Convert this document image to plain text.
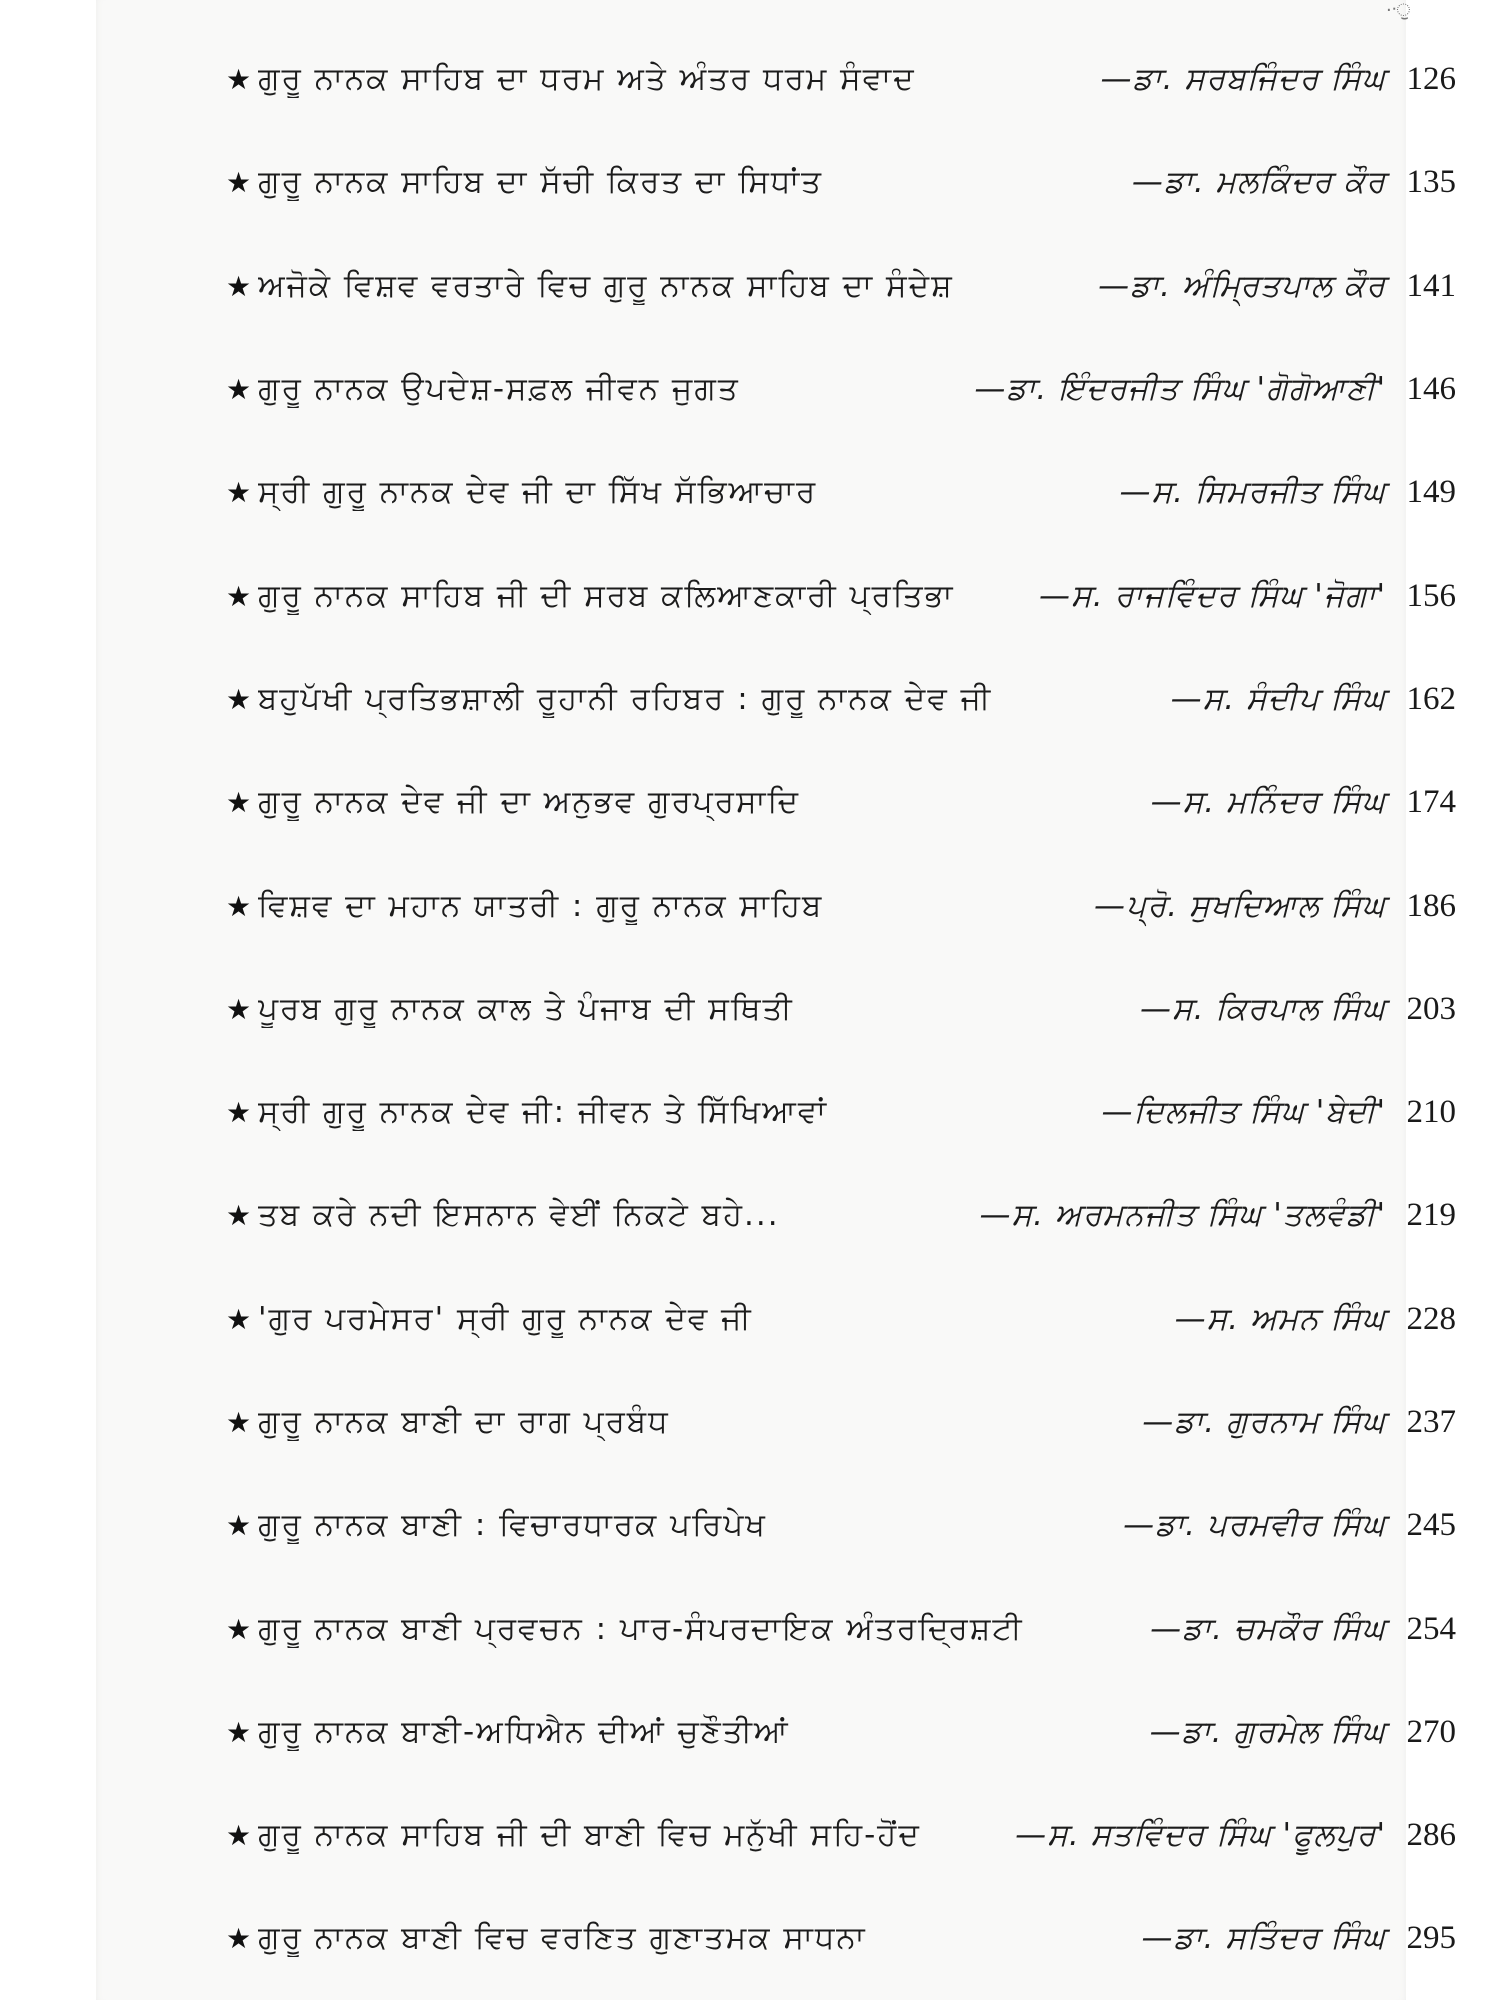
··ੁ
★ ਗੁਰੂ ਨਾਨਕ ਸਾਹਿਬ ਦਾ ਧਰਮ ਅਤੇ ਅੰਤਰ ਧਰਮ ਸੰਵਾਦ	—ਡਾ. ਸਰਬਜਿੰਦਰ ਸਿੰਘ 126
★ ਗੁਰੂ ਨਾਨਕ ਸਾਹਿਬ ਦਾ ਸੱਚੀ ਕਿਰਤ ਦਾ ਸਿਧਾਂਤ	—ਡਾ. ਮਲਕਿੰਦਰ ਕੌਰ 135
★ ਅਜੋਕੇ ਵਿਸ਼ਵ ਵਰਤਾਰੇ ਵਿਚ ਗੁਰੂ ਨਾਨਕ ਸਾਹਿਬ ਦਾ ਸੰਦੇਸ਼	—ਡਾ. ਅੰਮ੍ਰਿਤਪਾਲ ਕੌਰ 141
★ ਗੁਰੂ ਨਾਨਕ ਉਪਦੇਸ਼-ਸਫ਼ਲ ਜੀਵਨ ਜੁਗਤ	—ਡਾ. ਇੰਦਰਜੀਤ ਸਿੰਘ 'ਗੋਗੋਆਣੀ' 146
★ ਸ੍ਰੀ ਗੁਰੂ ਨਾਨਕ ਦੇਵ ਜੀ ਦਾ ਸਿੱਖ ਸੱਭਿਆਚਾਰ	—ਸ. ਸਿਮਰਜੀਤ ਸਿੰਘ 149
★ ਗੁਰੂ ਨਾਨਕ ਸਾਹਿਬ ਜੀ ਦੀ ਸਰਬ ਕਲਿਆਣਕਾਰੀ ਪ੍ਰਤਿਭਾ	—ਸ. ਰਾਜਵਿੰਦਰ ਸਿੰਘ 'ਜੋਗਾ' 156
★ ਬਹੁਪੱਖੀ ਪ੍ਰਤਿਭਸ਼ਾਲੀ ਰੂਹਾਨੀ ਰਹਿਬਰ : ਗੁਰੂ ਨਾਨਕ ਦੇਵ ਜੀ	—ਸ. ਸੰਦੀਪ ਸਿੰਘ 162
★ ਗੁਰੂ ਨਾਨਕ ਦੇਵ ਜੀ ਦਾ ਅਨੁਭਵ ਗੁਰਪ੍ਰਸਾਦਿ	—ਸ. ਮਨਿੰਦਰ ਸਿੰਘ 174
★ ਵਿਸ਼ਵ ਦਾ ਮਹਾਨ ਯਾਤਰੀ : ਗੁਰੂ ਨਾਨਕ ਸਾਹਿਬ	—ਪ੍ਰੋ. ਸੁਖਦਿਆਲ ਸਿੰਘ 186
★ ਪੂਰਬ ਗੁਰੂ ਨਾਨਕ ਕਾਲ ਤੇ ਪੰਜਾਬ ਦੀ ਸਥਿਤੀ	—ਸ. ਕਿਰਪਾਲ ਸਿੰਘ 203
★ ਸ੍ਰੀ ਗੁਰੂ ਨਾਨਕ ਦੇਵ ਜੀ: ਜੀਵਨ ਤੇ ਸਿੱਖਿਆਵਾਂ	—ਦਿਲਜੀਤ ਸਿੰਘ 'ਬੇਦੀ' 210
★ ਤਬ ਕਰੇ ਨਦੀ ਇਸਨਾਨ ਵੇਈਂ ਨਿਕਟੇ ਬਹੇ...	—ਸ. ਅਰਮਨਜੀਤ ਸਿੰਘ 'ਤਲਵੰਡੀ' 219
★ 'ਗੁਰ ਪਰਮੇਸਰ' ਸ੍ਰੀ ਗੁਰੂ ਨਾਨਕ ਦੇਵ ਜੀ	—ਸ. ਅਮਨ ਸਿੰਘ 228
★ ਗੁਰੂ ਨਾਨਕ ਬਾਣੀ ਦਾ ਰਾਗ ਪ੍ਰਬੰਧ	—ਡਾ. ਗੁਰਨਾਮ ਸਿੰਘ 237
★ ਗੁਰੂ ਨਾਨਕ ਬਾਣੀ : ਵਿਚਾਰਧਾਰਕ ਪਰਿਪੇਖ	—ਡਾ. ਪਰਮਵੀਰ ਸਿੰਘ 245
★ ਗੁਰੂ ਨਾਨਕ ਬਾਣੀ ਪ੍ਰਵਚਨ : ਪਾਰ-ਸੰਪਰਦਾਇਕ ਅੰਤਰਦ੍ਰਿਸ਼ਟੀ	—ਡਾ. ਚਮਕੌਰ ਸਿੰਘ 254
★ ਗੁਰੂ ਨਾਨਕ ਬਾਣੀ-ਅਧਿਐਨ ਦੀਆਂ ਚੁਣੌਤੀਆਂ	—ਡਾ. ਗੁਰਮੇਲ ਸਿੰਘ 270
★ ਗੁਰੂ ਨਾਨਕ ਸਾਹਿਬ ਜੀ ਦੀ ਬਾਣੀ ਵਿਚ ਮਨੁੱਖੀ ਸਹਿ-ਹੋਂਦ	—ਸ. ਸਤਵਿੰਦਰ ਸਿੰਘ 'ਫੂਲਪੁਰ' 286
★ ਗੁਰੂ ਨਾਨਕ ਬਾਣੀ ਵਿਚ ਵਰਣਿਤ ਗੁਣਾਤਮਕ ਸਾਧਨਾ	—ਡਾ. ਸਤਿੰਦਰ ਸਿੰਘ 295
